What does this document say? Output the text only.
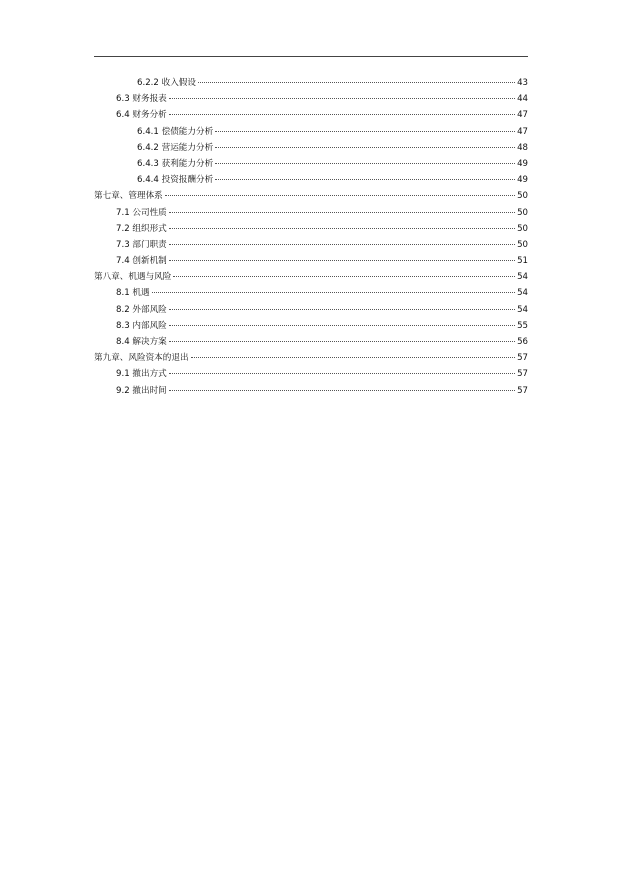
6.2.2 收入假设	43
6.3 财务报表	44
6.4 财务分析	47
6.4.1 偿债能力分析	47
6.4.2 营运能力分析	48
6.4.3 获利能力分析	49
6.4.4 投资报酬分析	49
第七章、管理体系	50
7.1 公司性质	50
7.2 组织形式	50
7.3 部门职责	50
7.4 创新机制	51
第八章、机遇与风险	54
8.1 机遇	54
8.2 外部风险	54
8.3 内部风险	55
8.4 解决方案	56
第九章、风险资本的退出	57
9.1 撤出方式	57
9.2 撤出时间	57
